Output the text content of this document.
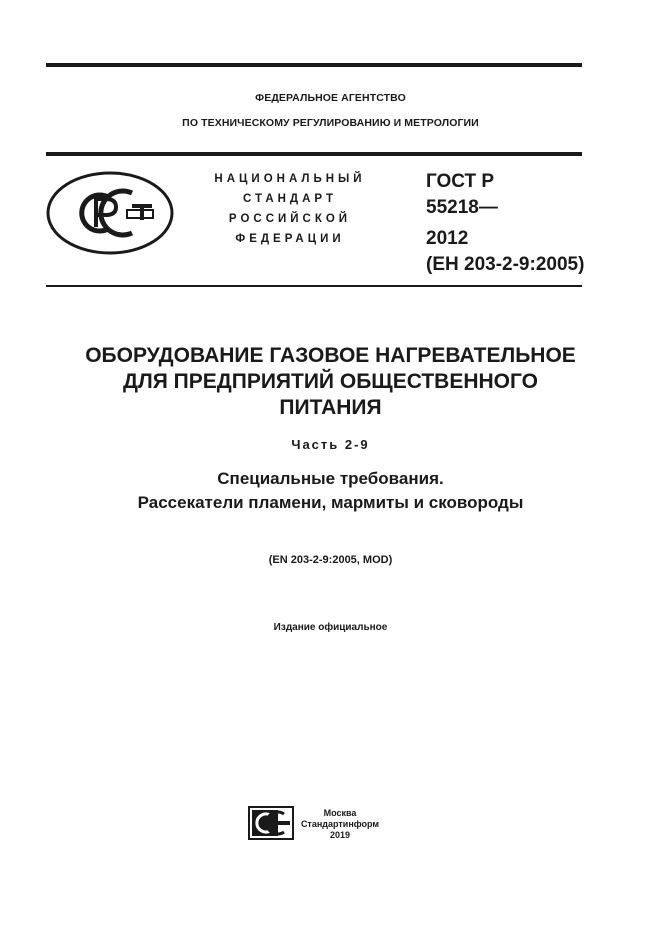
ФЕДЕРАЛЬНОЕ АГЕНТСТВО
ПО ТЕХНИЧЕСКОМУ РЕГУЛИРОВАНИЮ И МЕТРОЛОГИИ
НАЦИОНАЛЬНЫЙ
СТАНДАРТ
РОССИЙСКОЙ
ФЕДЕРАЦИИ
ГОСТ Р
55218—
2012
(ЕН 203-2-9:2005)
ОБОРУДОВАНИЕ ГАЗОВОЕ НАГРЕВАТЕЛЬНОЕ
ДЛЯ ПРЕДПРИЯТИЙ ОБЩЕСТВЕННОГО
ПИТАНИЯ
Часть 2-9
Специальные требования.
Рассекатели пламени, мармиты и сковороды
(EN 203-2-9:2005, MOD)
Издание официальное
Москва
Стандартинформ
2019
